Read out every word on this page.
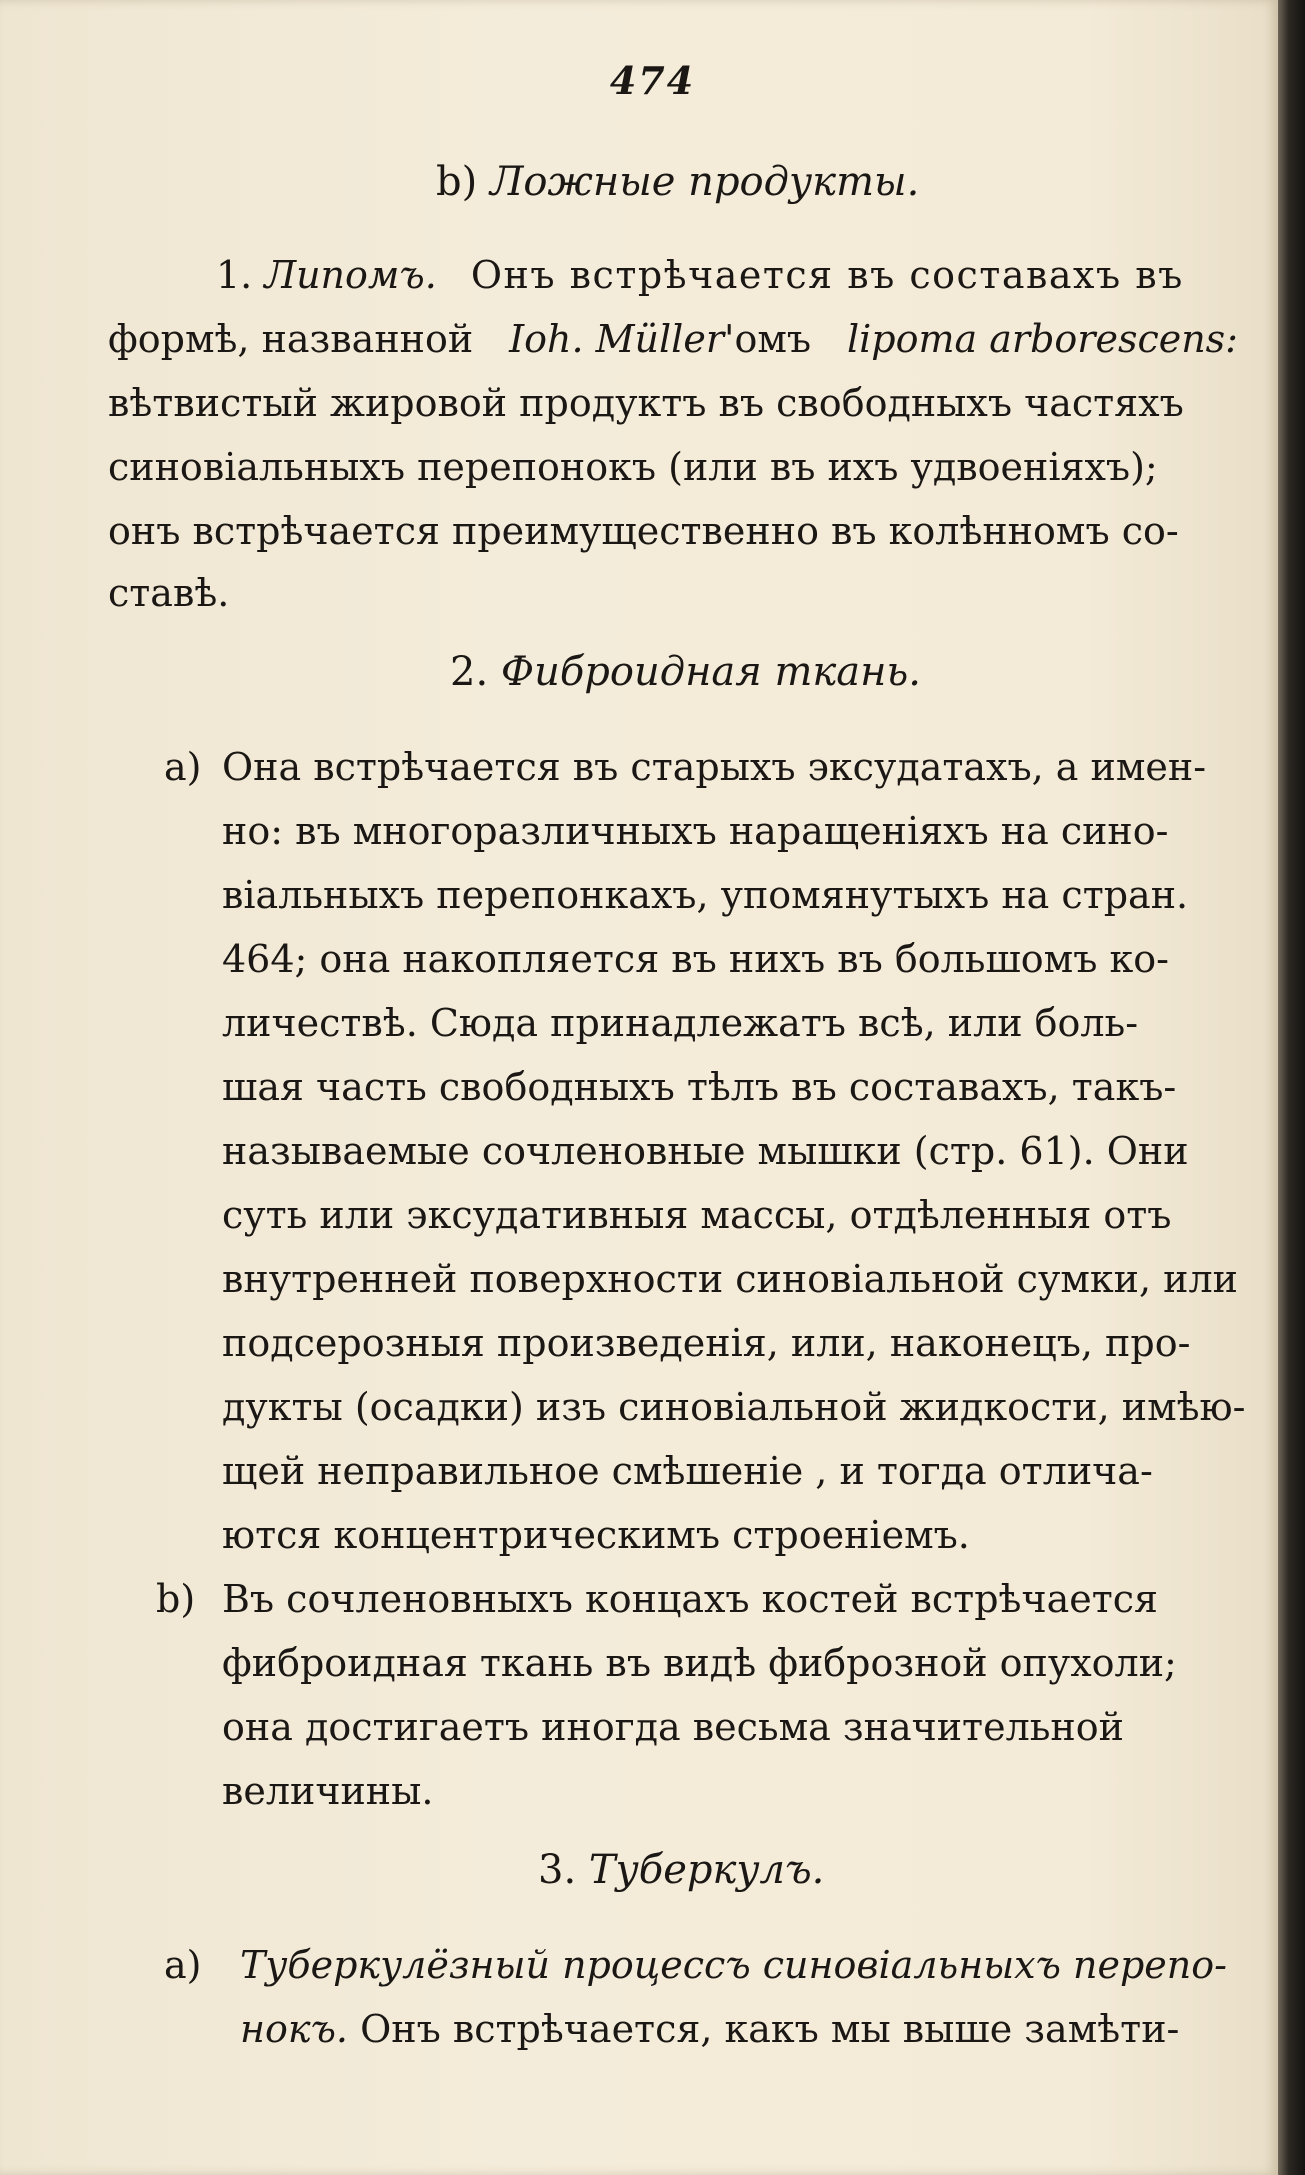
474
b) Ложные продукты.
1. Липомъ. Онъ встрѣчается въ составахъ въ
формѣ, названной Ioh. Müller'омъ lipoma arborescens:
вѣтвистый жировой продуктъ въ свободныхъ частяхъ
синовіальныхъ перепонокъ (или въ ихъ удвоеніяхъ);
онъ встрѣчается преимущественно въ колѣнномъ со-
ставѣ.
2. Фиброидная ткань.
a) Она встрѣчается въ старыхъ эксудатахъ, а имен-
но: въ многоразличныхъ наращеніяхъ на сино-
віальныхъ перепонкахъ, упомянутыхъ на стран.
464; она накопляется въ нихъ въ большомъ ко-
личествѣ. Сюда принадлежатъ всѣ, или боль-
шая часть свободныхъ тѣлъ въ составахъ, такъ-
называемые сочленовные мышки (стр. 61). Они
суть или эксудативныя массы, отдѣленныя отъ
внутренней поверхности синовіальной сумки, или
подсерозныя произведенія, или, наконецъ, про-
дукты (осадки) изъ синовіальной жидкости, имѣю-
щей неправильное смѣшеніе , и тогда отлича-
ются концентрическимъ строеніемъ.
b) Въ сочленовныхъ концахъ костей встрѣчается
фиброидная ткань въ видѣ фиброзной опухоли;
она достигаетъ иногда весьма значительной
величины.
3. Туберкулъ.
a) Туберкулёзный процессъ синовіальныхъ перепо-
нокъ. Онъ встрѣчается, какъ мы выше замѣти-
